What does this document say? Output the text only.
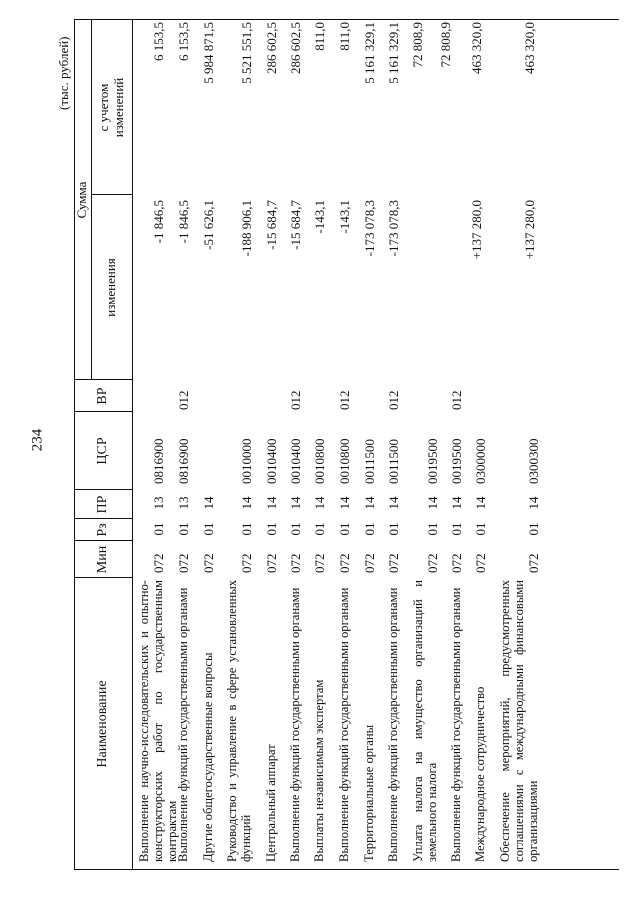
234
(тыс. рублей)
Наименование
Мин
Рз
ПР
ЦСР
ВР
Сумма
изменения
с учетом изменений
Выполнение научно-исследовательских и опытно-конструкторских работ по государственным контрактам
072
01
13
0816900
-1 846,5
6 153,5
Выполнение функций государственными органами
072
01
13
0816900
012
-1 846,5
6 153,5
Другие общегосударственные вопросы
072
01
14
-51 626,1
5 984 871,5
Руководство и управление в сфере установленных функций
072
01
14
0010000
-188 906,1
5 521 551,5
Центральный аппарат
072
01
14
0010400
-15 684,7
286 602,5
Выполнение функций государственными органами
072
01
14
0010400
012
-15 684,7
286 602,5
Выплаты независимым экспертам
072
01
14
0010800
-143,1
811,0
Выполнение функций государственными органами
072
01
14
0010800
012
-143,1
811,0
Территориальные органы
072
01
14
0011500
-173 078,3
5 161 329,1
Выполнение функций государственными органами
072
01
14
0011500
012
-173 078,3
5 161 329,1
Уплата налога на имущество организаций и земельного налога
072
01
14
0019500
72 808,9
Выполнение функций государственными органами
072
01
14
0019500
012
72 808,9
Международное сотрудничество
072
01
14
0300000
+137 280,0
463 320,0
Обеспечение мероприятий, предусмотренных соглашениями с международными финансовыми организациями
072
01
14
0300300
+137 280,0
463 320,0
